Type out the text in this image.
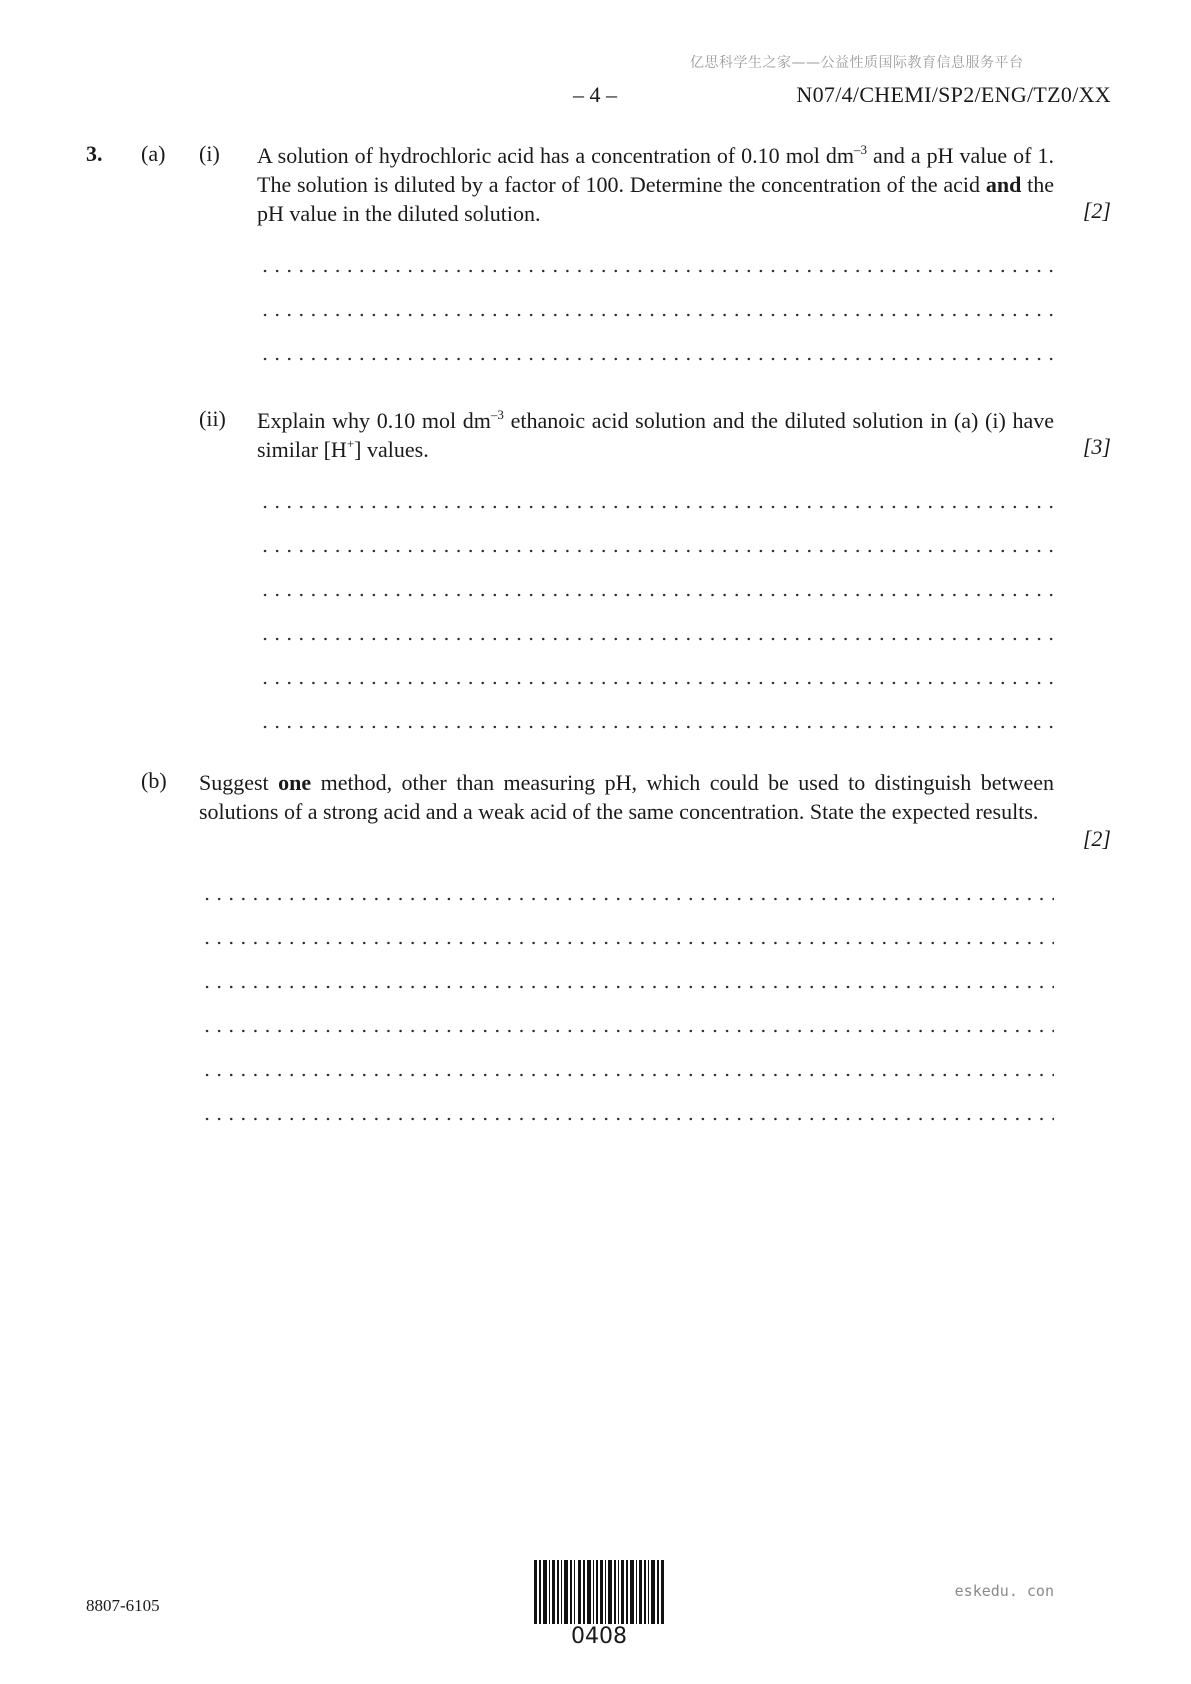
亿思科学生之家——公益性质国际教育信息服务平台
– 4 –	N07/4/CHEMI/SP2/ENG/TZ0/XX
3. (a) (i) A solution of hydrochloric acid has a concentration of 0.10 mol $dm^{-3}$ and a pH value of 1. The solution is diluted by a factor of 100. Determine the concentration of the acid and the pH value in the diluted solution.	[2]
(ii) Explain why 0.10 mol $dm^{-3}$ ethanoic acid solution and the diluted solution in (a) (i) have similar [H+] values.	[3]
(b) Suggest one method, other than measuring pH, which could be used to distinguish between solutions of a strong acid and a weak acid of the same concentration. State the expected results.
[2]
8807-6105
0408
eskedu. con
